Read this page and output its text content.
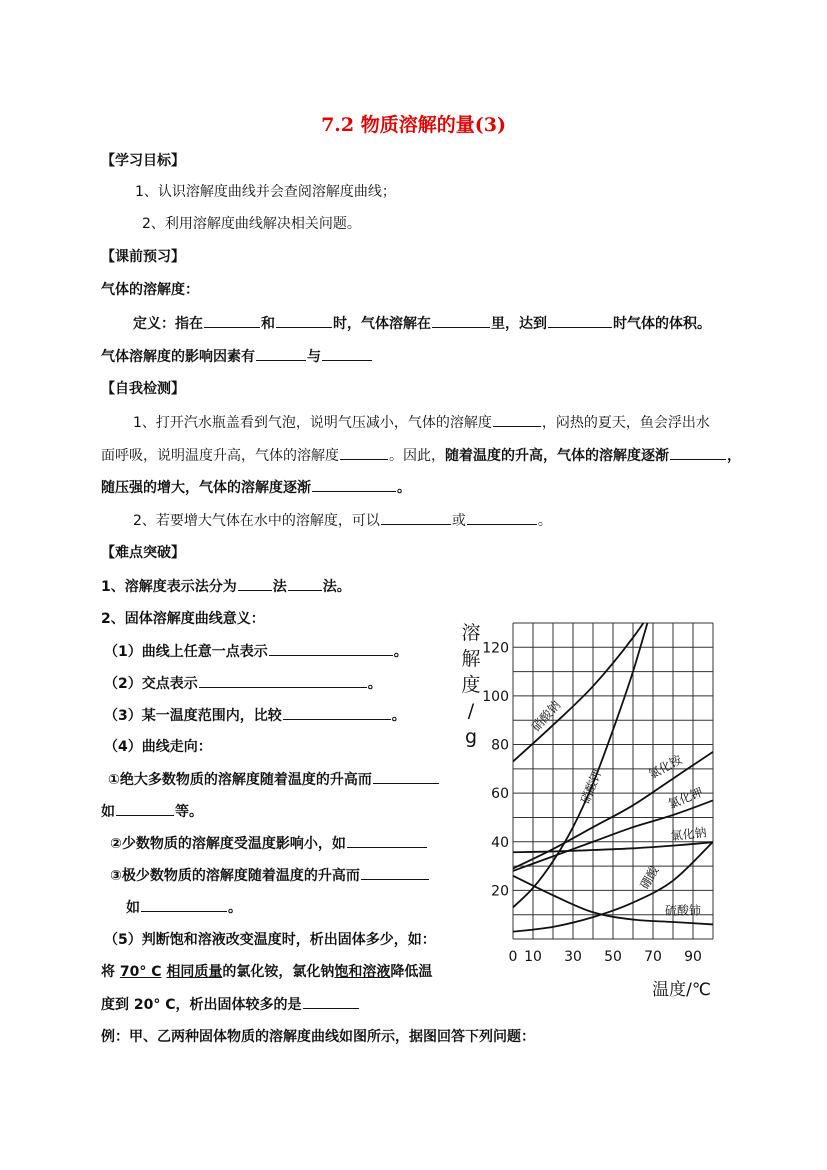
7.2 物质溶解的量(3)
【学习目标】
1、认识溶解度曲线并会查阅溶解度曲线；
2、利用溶解度曲线解决相关问题。
【课前预习】
气体的溶解度：
定义：指在	和	时，气体溶解在	里，达到	时气体的体积。
气体溶解度的影响因素有	与
【自我检测】
1、打开汽水瓶盖看到气泡，说明气压减小，气体的溶解度	，闷热的夏天，鱼会浮出水
面呼吸，说明温度升高，气体的溶解度	。因此，随着温度的升高，气体的溶解度逐渐	，
随压强的增大，气体的溶解度逐渐	。
2、若要增大气体在水中的溶解度，可以	或	。
【难点突破】
1、溶解度表示法分为	法	法。
2、固体溶解度曲线意义：
（1）曲线上任意一点表示	。
（2）交点表示	。
（3）某一温度范围内，比较	。
（4）曲线走向：
①绝大多数物质的溶解度随着温度的升高而
如	等。
②少数物质的溶解度受温度影响小，如
③极少数物质的溶解度随着温度的升高而
如	。
（5）判断饱和溶液改变温度时，析出固体多少，如：
将 70° C 相同质量的氯化铵，氯化钠饱和溶液降低温
度到 20° C，析出固体较多的是
例：甲、乙两种固体物质的溶解度曲线如图所示，据图回答下列问题：
0 10 30 50 70 90
20
40
60
80
100
120
硝酸钠
硝酸钾
氯化铵
氯化钾
氯化钠
硼酸
硫酸铈
溶
解
度
/
g
温度/℃
